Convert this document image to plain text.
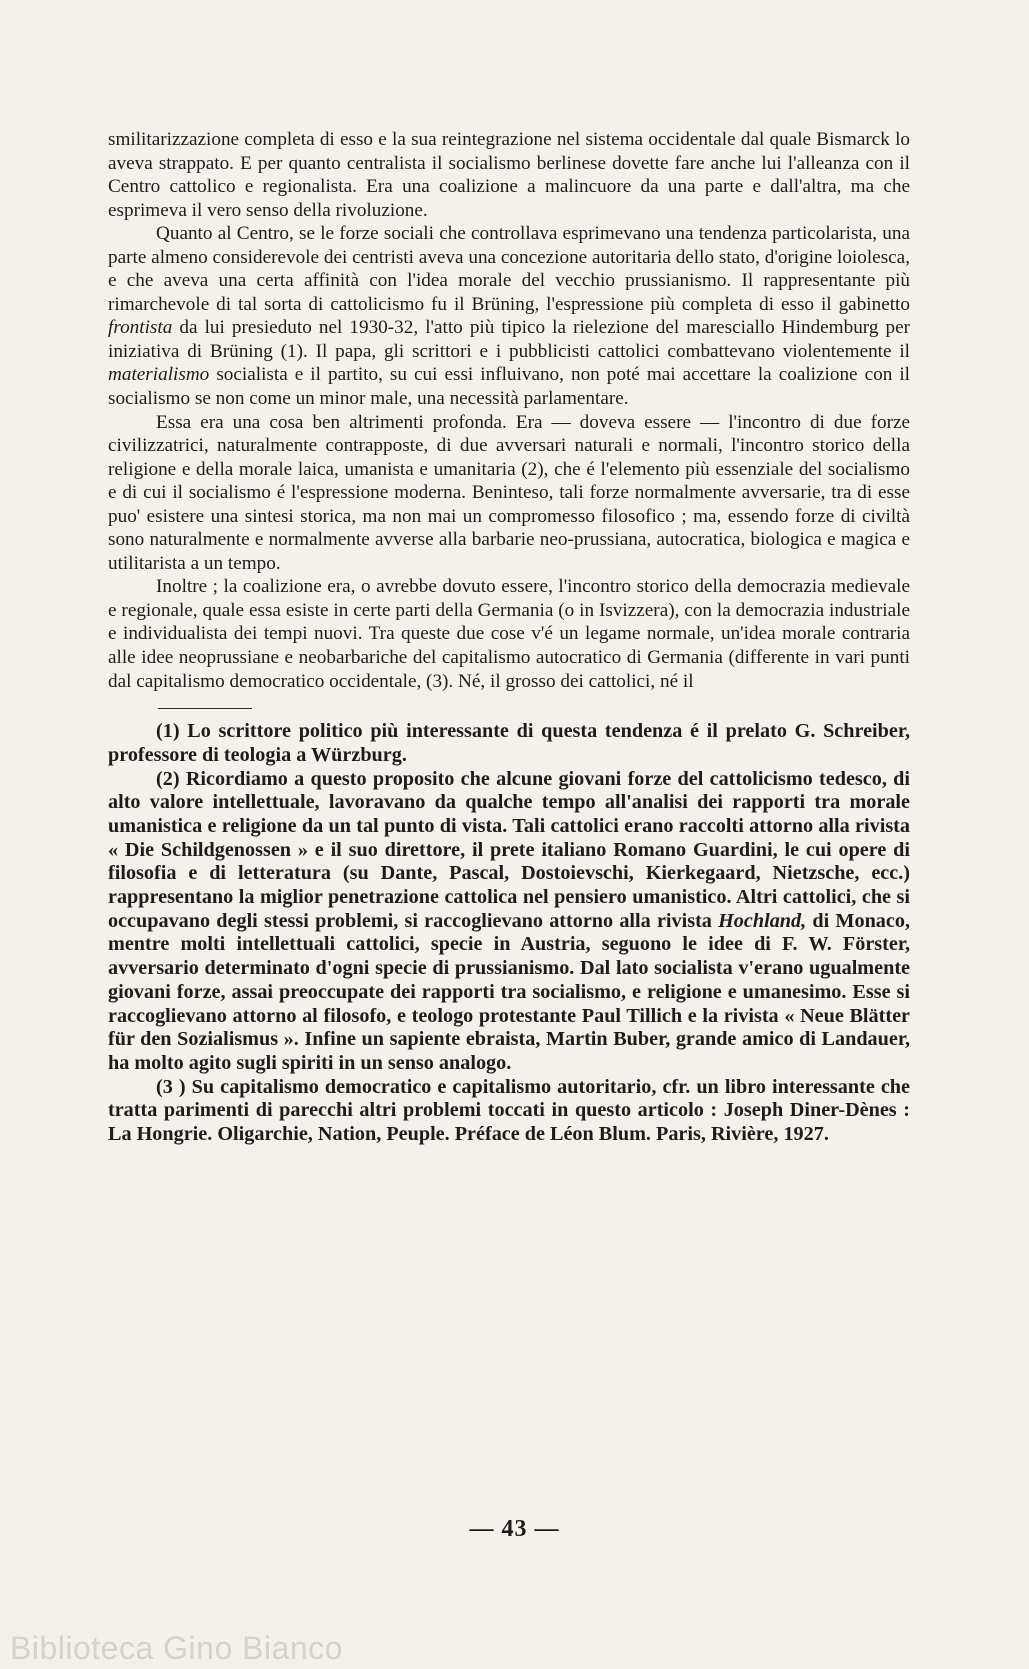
smilitarizzazione completa di esso e la sua reintegrazione nel sistema occidentale dal quale Bismarck lo aveva strappato. E per quanto centralista il socialismo berlinese dovette fare anche lui l'alleanza con il Centro cattolico e regionalista. Era una coalizione a malincuore da una parte e dall'altra, ma che esprimeva il vero senso della rivoluzione.

Quanto al Centro, se le forze sociali che controllava esprimevano una tendenza particolarista, una parte almeno considerevole dei centristi aveva una concezione autoritaria dello stato, d'origine loiolesca, e che aveva una certa affinità con l'idea morale del vecchio prussianismo. Il rappresentante più rimarchevole di tal sorta di cattolicismo fu il Brüning, l'espressione più completa di esso il gabinetto frontista da lui presieduto nel 1930-32, l'atto più tipico la rielezione del maresciallo Hindemburg per iniziativa di Brüning (1). Il papa, gli scrittori e i pubblicisti cattolici combattevano violentemente il materialismo socialista e il partito, su cui essi influivano, non poté mai accettare la coalizione con il socialismo se non come un minor male, una necessità parlamentare.

Essa era una cosa ben altrimenti profonda. Era — doveva essere — l'incontro di due forze civilizzatrici, naturalmente contrapposte, di due avversari naturali e normali, l'incontro storico della religione e della morale laica, umanista e umanitaria (2), che é l'elemento più essenziale del socialismo e di cui il socialismo é l'espressione moderna. Beninteso, tali forze normalmente avversarie, tra di esse puo' esistere una sintesi storica, ma non mai un compromesso filosofico ; ma, essendo forze di civiltà sono naturalmente e normalmente avverse alla barbarie neo-prussiana, autocratica, biologica e magica e utilitarista a un tempo.

Inoltre ; la coalizione era, o avrebbe dovuto essere, l'incontro storico della democrazia medievale e regionale, quale essa esiste in certe parti della Germania (o in Isvizzera), con la democrazia industriale e individualista dei tempi nuovi. Tra queste due cose v'é un legame normale, un'idea morale contraria alle idee neoprussiane e neobarbariche del capitalismo autocratico di Germania (differente in vari punti dal capitalismo democratico occidentale, (3). Né, il grosso dei cattolici, né il

(1) Lo scrittore politico più interessante di questa tendenza é il prelato G. Schreiber, professore di teologia a Würzburg.

(2) Ricordiamo a questo proposito che alcune giovani forze del cattolicismo tedesco, di alto valore intellettuale, lavoravano da qualche tempo all'analisi dei rapporti tra morale umanistica e religione da un tal punto di vista. Tali cattolici erano raccolti attorno alla rivista « Die Schildgenossen » e il suo direttore, il prete italiano Romano Guardini, le cui opere di filosofia e di letteratura (su Dante, Pascal, Dostoievschi, Kierkegaard, Nietzsche, ecc.) rappresentano la miglior penetrazione cattolica nel pensiero umanistico. Altri cattolici, che si occupavano degli stessi problemi, si raccoglievano attorno alla rivista Hochland, di Monaco, mentre molti intellettuali cattolici, specie in Austria, seguono le idee di F. W. Förster, avversario determinato d'ogni specie di prussianismo. Dal lato socialista v'erano ugualmente giovani forze, assai preoccupate dei rapporti tra socialismo, e religione e umanesimo. Esse si raccoglievano attorno al filosofo, e teologo protestante Paul Tillich e la rivista « Neue Blätter für den Sozialismus ». Infine un sapiente ebraista, Martin Buber, grande amico di Landauer, ha molto agito sugli spiriti in un senso analogo.

(3 ) Su capitalismo democratico e capitalismo autoritario, cfr. un libro interessante che tratta parimenti di parecchi altri problemi toccati in questo articolo : Joseph Diner-Dènes : La Hongrie. Oligarchie, Nation, Peuple. Préface de Léon Blum. Paris, Rivière, 1927.

— 43 —
Biblioteca Gino Bianco
